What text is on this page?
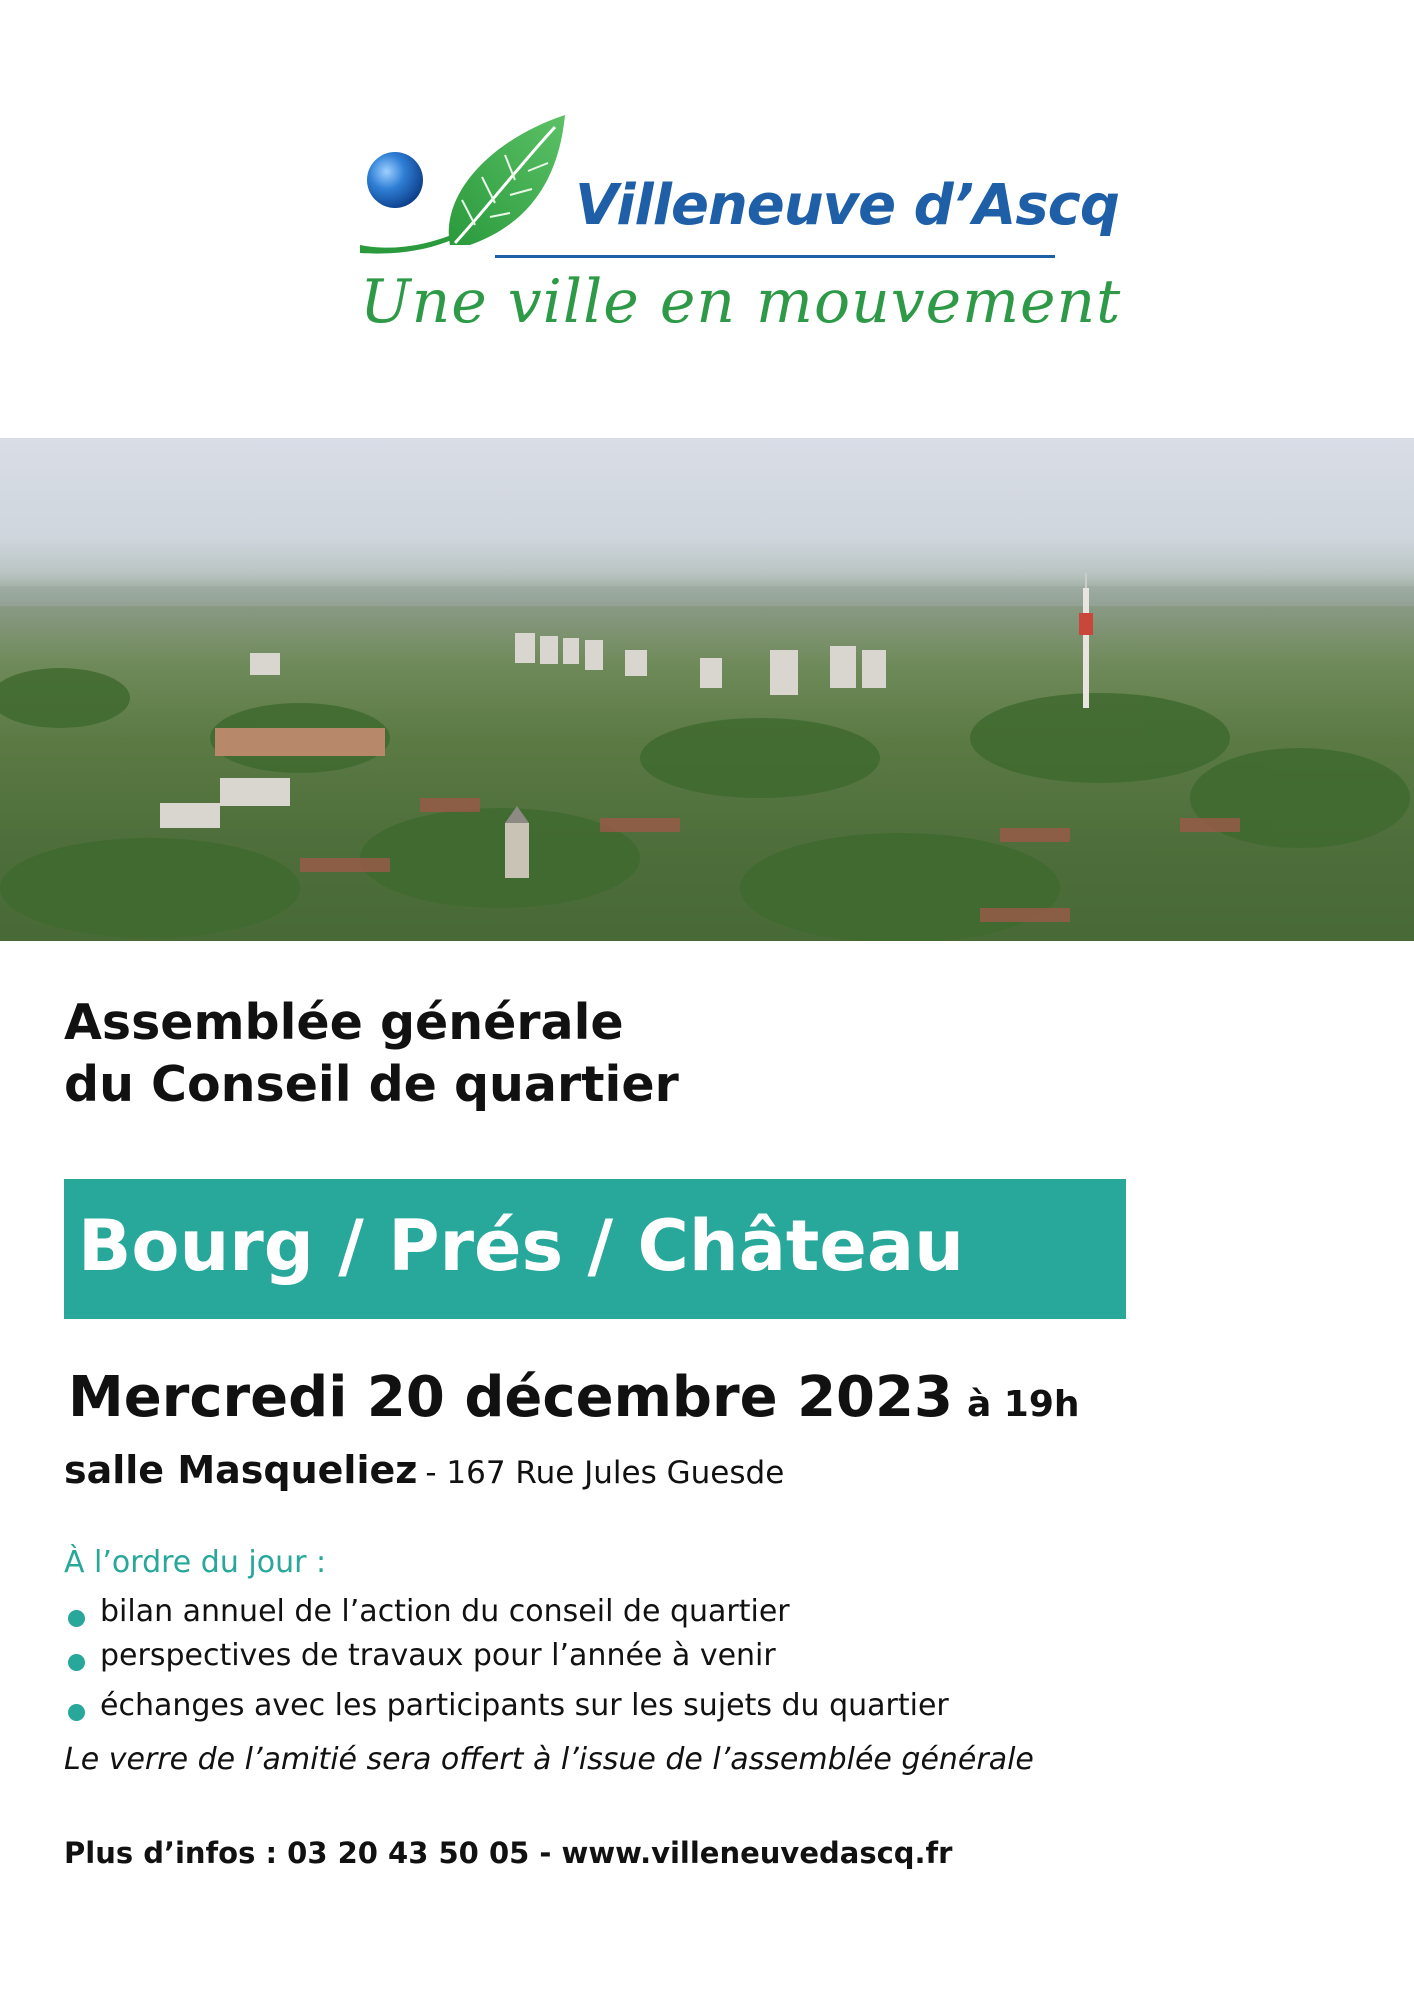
Villeneuve d’Ascq
Une ville en mouvement
Assemblée générale
du Conseil de quartier
Bourg / Prés / Château
Mercredi 20 décembre 2023 à 19h
salle Masqueliez - 167 Rue Jules Guesde
À l’ordre du jour :
bilan annuel de l’action du conseil de quartier
perspectives de travaux pour l’année à venir
échanges avec les participants sur les sujets du quartier
Le verre de l’amitié sera offert à l’issue de l’assemblée générale
Plus d’infos : 03 20 43 50 05 - www.villeneuvedascq.fr
